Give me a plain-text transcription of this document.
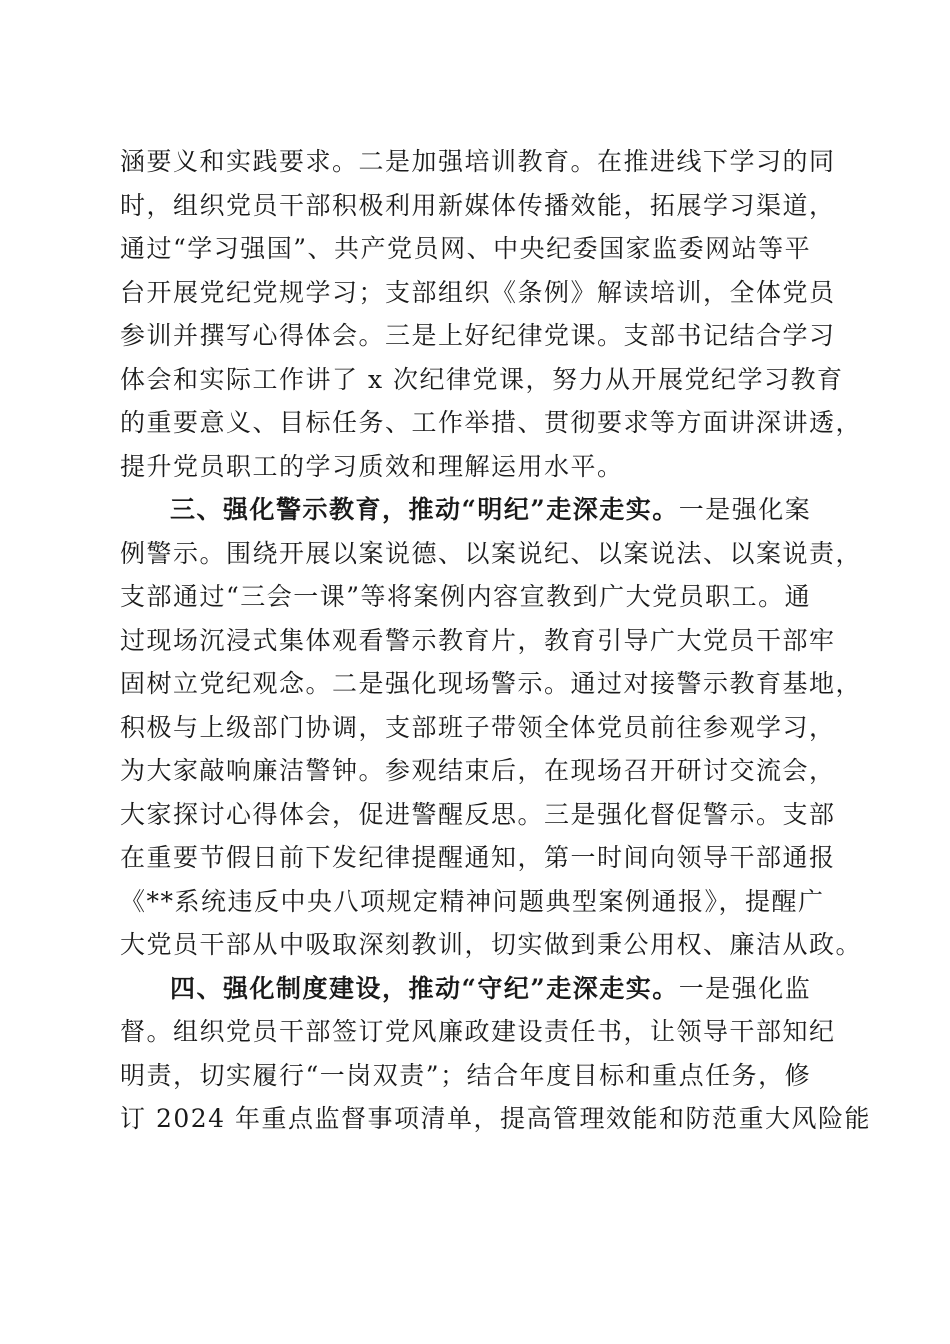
涵要义和实践要求。二是加强培训教育。在推进线下学习的同
时，组织党员干部积极利用新媒体传播效能，拓展学习渠道，
通过“学习强国”、共产党员网、中央纪委国家监委网站等平
台开展党纪党规学习；支部组织《条例》解读培训，全体党员
参训并撰写心得体会。三是上好纪律党课。支部书记结合学习
体会和实际工作讲了 x 次纪律党课，努力从开展党纪学习教育
的重要意义、目标任务、工作举措、贯彻要求等方面讲深讲透，
提升党员职工的学习质效和理解运用水平。
三、强化警示教育，推动“明纪”走深走实。一是强化案
例警示。围绕开展以案说德、以案说纪、以案说法、以案说责，
支部通过“三会一课”等将案例内容宣教到广大党员职工。通
过现场沉浸式集体观看警示教育片，教育引导广大党员干部牢
固树立党纪观念。二是强化现场警示。通过对接警示教育基地，
积极与上级部门协调，支部班子带领全体党员前往参观学习，
为大家敲响廉洁警钟。参观结束后，在现场召开研讨交流会，
大家探讨心得体会，促进警醒反思。三是强化督促警示。支部
在重要节假日前下发纪律提醒通知，第一时间向领导干部通报
《**系统违反中央八项规定精神问题典型案例通报》，提醒广
大党员干部从中吸取深刻教训，切实做到秉公用权、廉洁从政。
四、强化制度建设，推动“守纪”走深走实。一是强化监
督。组织党员干部签订党风廉政建设责任书，让领导干部知纪
明责，切实履行“一岗双责”；结合年度目标和重点任务，修
订 2024 年重点监督事项清单，提高管理效能和防范重大风险能
